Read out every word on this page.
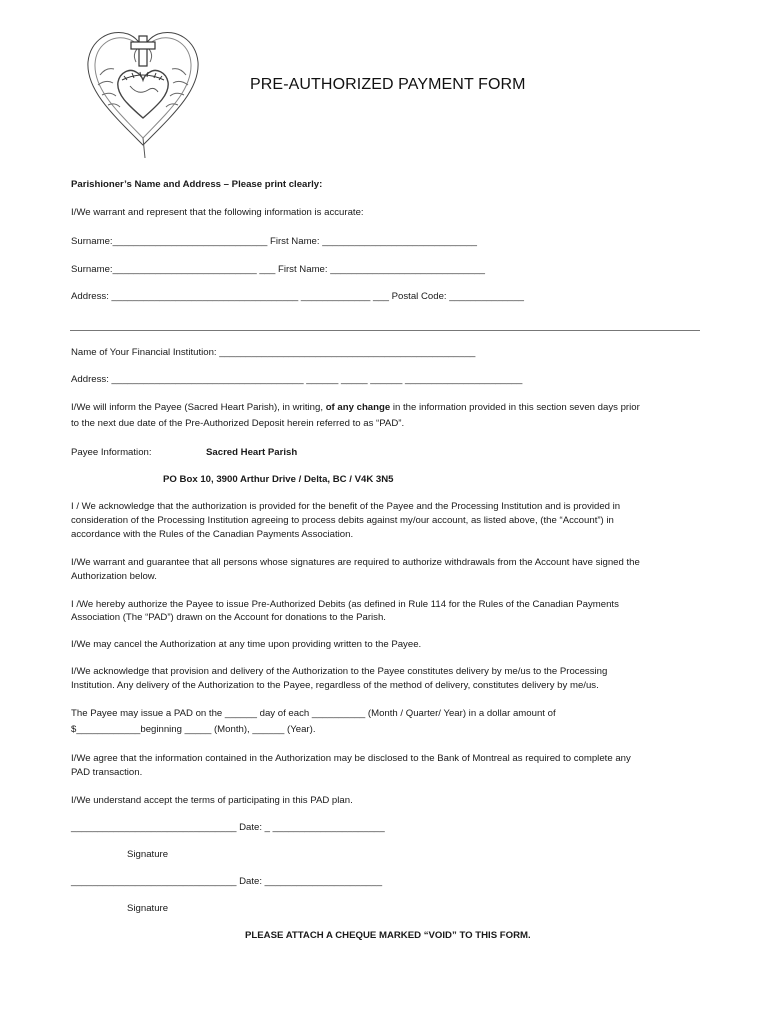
PRE-AUTHORIZED PAYMENT FORM
Parishioner’s Name and Address – Please print clearly:
I/We warrant and represent that the following information is accurate:
Surname:_____________________________ First Name: _____________________________
Surname:___________________________ ___ First Name: _____________________________
Address: ___________________________________ _____________ ___ Postal Code: ______________
Name of Your Financial Institution: ________________________________________________
Address: ____________________________________ ______ _____ ______ ______________________
I/We will inform the Payee (Sacred Heart Parish), in writing, of any change in the information provided in this section seven days prior
to the next due date of the Pre-Authorized Deposit herein referred to as “PAD”.
Payee Information:	Sacred Heart Parish
PO Box 10, 3900 Arthur Drive / Delta, BC / V4K 3N5
I / We acknowledge that the authorization is provided for the benefit of the Payee and the Processing Institution and is provided in
consideration of the Processing Institution agreeing to process debits against my/our account, as listed above, (the “Account”) in
accordance with the Rules of the Canadian Payments Association.
I/We warrant and guarantee that all persons whose signatures are required to authorize withdrawals from the Account have signed the
Authorization below.
I /We hereby authorize the Payee to issue Pre-Authorized Debits (as defined in Rule 114 for the Rules of the Canadian Payments
Association (The “PAD”) drawn on the Account for donations to the Parish.
I/We may cancel the Authorization at any time upon providing written to the Payee.
I/We acknowledge that provision and delivery of the Authorization to the Payee constitutes delivery by me/us to the Processing
Institution. Any delivery of the Authorization to the Payee, regardless of the method of delivery, constitutes delivery by me/us.
The Payee may issue a PAD on the ______ day of each __________ (Month / Quarter/ Year) in a dollar amount of
$____________beginning _____ (Month), ______ (Year).
I/We agree that the information contained in the Authorization may be disclosed to the Bank of Montreal as required to complete any
PAD transaction.
I/We understand accept the terms of participating in this PAD plan.
_______________________________ Date: _ _____________________
Signature
_______________________________ Date: ______________________
Signature
PLEASE ATTACH A CHEQUE MARKED “VOID” TO THIS FORM.
